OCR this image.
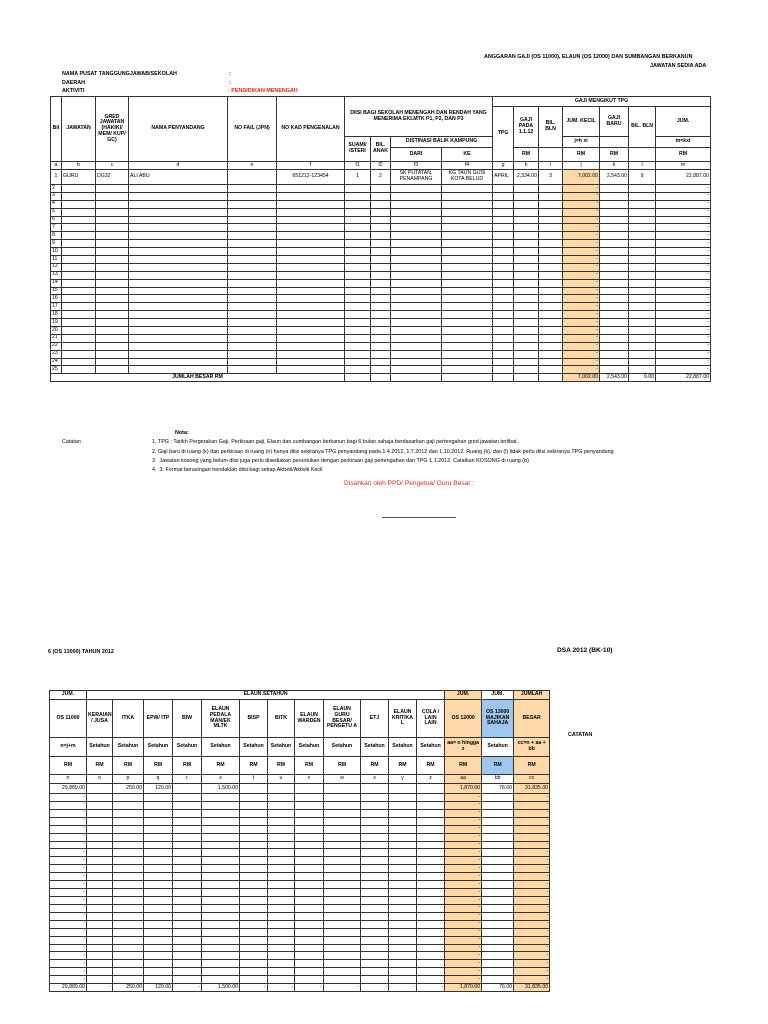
ANGGARAN GAJI (OS 11000), ELAUN (OS 12000) DAN SUMBANGAN BERKANUN
JAWATAN SEDIA ADA
NAMA PUSAT TANGGUNGJAWAB/SEKOLAH	:
DAERAH	:
AKTIVITI	: PENDIDIKAN MENENGAH
Bil	JAWATAN	GRED JAWATAN (HAKIKI/ MEM/ KUP/ GC)	NAMA PENYANDANG	NO FAIL (JPN)	NO KAD PENGENALAN	DIISI BAGI SEKOLAH MENENGAH DAN RENDAH YANG MENERIMA EKLMTK P1, P2, DAN P3				GAJI MENGIKUT TPG						
										TPG	GAJI PADA 1.1.12	BIL. BLN	JUM. KECIL	GAJI BARU	BIL. BLN	JUM.
						SUAMI/ ISTERI	BIL. ANAK	DISTINASI BALIK KAMPUNG					j=h xi			m=kxl
								DARI	KE		RM		RM	RM		RM
a	b	c	d	e	f	f1	f2	f3	f4	g	h	i	j	k	l	m
1	GURU	DG32	ALI ABU		651212-123454	1	2	SK PUTATAN, PENAMPANG	KG TAUN GUSI KOTA BELUD	APRIL	2,334.00	3	7,002.00	2,543.00	9	22,887.00
2													-			-
3													-			-
4													-			-
5													-			-
6													-			-
7													-			-
8													-			-
9													-			-
10													-			-
11													-			-
12													-			-
13													-			-
14													-			-
15													-			-
16													-			-
17													-			-
18													-			-
19													-			-
20													-			-
21													-			-
22													-			-
23													-			-
24													-			-
25													-			-
JUMLAH BESAR RM													7,002.00	2,543.00	9.00	22,887.00
Nota:
Catatan	1. TPG : Tarikh Pergerakan Gaji, Perkiraan gaji, Elaun dan sumbangan berkanun bagi 6 bulan sahaja berdasarkan gaji pertengahan gred jawatan terlibat.
2. Gaji baru di ruang (k) dan perkiraan di ruang (n) hanya diisi sekiranya TPG penyandang pada 1.4.2012, 1.7.2012 dan 1.10.2012. Ruang (k), dan (l) tidak perlu diisi sekiranya TPG penyandang
3. Jawatan kosong yang belum diisi juga perlu disediakan peruntukan dengan perkiraan gaji pertengahan dan TPG 1.1.2012. Catatkan KOSONG di ruang (b)
4. 3. Format berasingan hendaklah diisi bagi setiap Aktiviti/Aktiviti Kecil
Disahkan oleh PPD/ Pengetua/ Guru Besar :
6 (OS 13000) TAHUN 2012	DSA 2012 (BK-10)
CATATAN
JUM.	ELAUN SETAHUN												JUM.	JUM.	JUMLAH
OS 11000	KERAIAN / JUSA	ITKA	EPW/ ITP	BIW	ELAUN PEDALA MAN/EK MLTK	BISP	BITK	ELAUN WARDEN	ELAUN GURU BESAR/ PENGETU A	ETJ	ELAUN KRITIKA L	COLA / LAIN LAIN	OS 12000	OS 13000 MAJIKAN SAHAJA	BESAR
n=j+m	Setahun	Setahun	Setahun	Setahun	Setahun	Setahun	Setahun	Setahun	Setahun	Setahun	Setahun	Setahun	aa= o hingga z	Setahun	cc=n + aa + bb
RM	RM	RM	RM	RM	RM	RM	RM	RM	RM	RM	RM	RM	RM	RM	RM
n	o	p	q	r	s	t	u	v	w	x	y	z	aa	bb	cc
29,889.00		250.00	120.00		1,500.00								1,870.00	76.00	31,835.00
-													-		-
-													-		-
-													-		-
-													-		-
-													-		-
-													-		-
-													-		-
-													-		-
-													-		-
-													-		-
-													-		-
-													-		-
-													-		-
-													-		-
-													-		-
-													-		-
-													-		-
-													-		-
-													-		-
-													-		-
-													-		-
-													-		-
-													-		-
-													-		-
29,889.00	-	250.00	120.00	-	1,500.00	-	-	-	-	-	-	-	1,870.00	76.00	31,835.00
